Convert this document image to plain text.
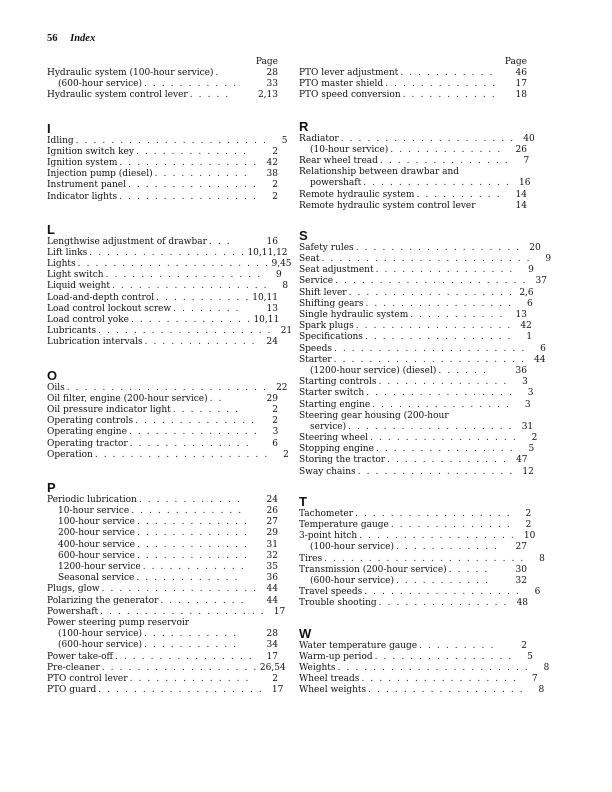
56 Index
Page
Hydraulic system (100-hour service) .	28
(600-hour service) . . . . . . . . . . .	33
Hydraulic system control lever . . . . .	2,13
I
Idling . . . . . . . . . . . . . . . . . . . . . .	5
Ignition switch key . . . . . . . . . . . . .	2
Ignition system . . . . . . . . . . . . . . . . 42
Injection pump (diesel) . . . . . . . . . . .	38
Instrument panel . . . . . . . . . . . . . . .	2
Indicator lights . . . . . . . . . . . . . . . .	2
L
Lengthwise adjustment of drawbar . . .	16
Lift links . . . . . . . . . . . . . . . . . . 10,11,12
Lights . . . . . . . . . . . . . . . . . . . . . . 9,45
Light switch . . . . . . . . . . . . . . . . . .	9
Liquid weight . . . . . . . . . . . . . . . . . .	8
Load-and-depth control . . . . . . . . . . . 10,11
Load control lockout screw . . . . . . . .	13
Load control yoke . . . . . . . . . . . . . . 10,11
Lubricants . . . . . . . . . . . . . . . . . . . . 21
Lubrication intervals . . . . . . . . . . . . .	24
O
Oils . . . . . . . . . . . . . . . . . . . . . . . 22
Oil filter, engine (200-hour service) . .	29
Oil pressure indicator light . . . . . . . .	2
Operating controls . . . . . . . . . . . . . .	2
Operating engine . . . . . . . . . . . . . . .	3
Operating tractor . . . . . . . . . . . . . .	6
Operation . . . . . . . . . . . . . . . . . . . .	2
P
Periodic lubrication . . . . . . . . . . . .	24
10-hour service . . . . . . . . . . . . .	26
100-hour service . . . . . . . . . . . . .	27
200-hour service . . . . . . . . . . . . .	29
400-hour service . . . . . . . . . . . . .	31
600-hour service . . . . . . . . . . . . .	32
1200-hour service . . . . . . . . . . . .	35
Seasonal service . . . . . . . . . . . .	36
Plugs, glow . . . . . . . . . . . . . . . . . . 44
Polarizing the generator . . . . . . . . . .	44
Powershaft . . . . . . . . . . . . . . . . . . . 17
Power steering pump reservoir
(100-hour service) . . . . . . . . . . .	28
(600-hour service) . . . . . . . . . . .	34
Power take-off . . . . . . . . . . . . . . . .	17
Pre-cleaner . . . . . . . . . . . . . . . . . . 26,54
PTO control lever . . . . . . . . . . . . . .	2
PTO guard . . . . . . . . . . . . . . . . . . . 17
Page
PTO lever adjustment . . . . . . . . . . .	46
PTO master shield . . . . . . . . . . . . .	17
PTO speed conversion . . . . . . . . . . .	18
R
Radiator . . . . . . . . . . . . . . . . . . . . 40
(10-hour service) . . . . . . . . . . . . .	26
Rear wheel tread . . . . . . . . . . . . . . .	7
Relationship between drawbar and
powershaft . . . . . . . . . . . . . . . . . 16
Remote hydraulic system . . . . . . . . . .	14
Remote hydraulic system control lever	14
S
Safety rules . . . . . . . . . . . . . . . . . . . 20
Seat . . . . . . . . . . . . . . . . . . . . . . . .	9
Seat adjustment . . . . . . . . . . . . . . . .	9
Service . . . . . . . . . . . . . . . . . . . . . . 37
Shift lever . . . . . . . . . . . . . . . . . . . 2,6
Shifting gears . . . . . . . . . . . . . . . . .	6
Single hydraulic system . . . . . . . . . . .	13
Spark plugs . . . . . . . . . . . . . . . . . . 42
Specifications . . . . . . . . . . . . . . . . .	1
Speeds . . . . . . . . . . . . . . . . . . . . . .	6
Starter . . . . . . . . . . . . . . . . . . . . . . 44
(1200-hour service) (diesel) . . . . . .	36
Starting controls . . . . . . . . . . . . . . .	3
Starter switch . . . . . . . . . . . . . . . . .	3
Starting engine . . . . . . . . . . . . . . . .	3
Steering gear housing (200-hour
service) . . . . . . . . . . . . . . . . . . . 31
Steering wheel . . . . . . . . . . . . . . . . .	2
Stopping engine . . . . . . . . . . . . . . . .	5
Storing the tractor . . . . . . . . . . . . . . 47
Sway chains . . . . . . . . . . . . . . . . . . 12
T
Tachometer . . . . . . . . . . . . . . . . . .	2
Temperature gauge . . . . . . . . . . . . . .	2
3-point hitch . . . . . . . . . . . . . . . . . . 10
(100-hour service) . . . . . . . . . . . .	27
Tires . . . . . . . . . . . . . . . . . . . . . . .	8
Transmission (200-hour service) . . . . .	30
(600-hour service) . . . . . . . . . . .	32
Travel speeds . . . . . . . . . . . . . . . . . .	6
Trouble shooting . . . . . . . . . . . . . . . 48
W
Water temperature gauge . . . . . . . . .	2
Warm-up period . . . . . . . . . . . . . . . .	5
Weights . . . . . . . . . . . . . . . . . . . . . .	8
Wheel treads . . . . . . . . . . . . . . . . . .	7
Wheel weights . . . . . . . . . . . . . . . . . .	8
